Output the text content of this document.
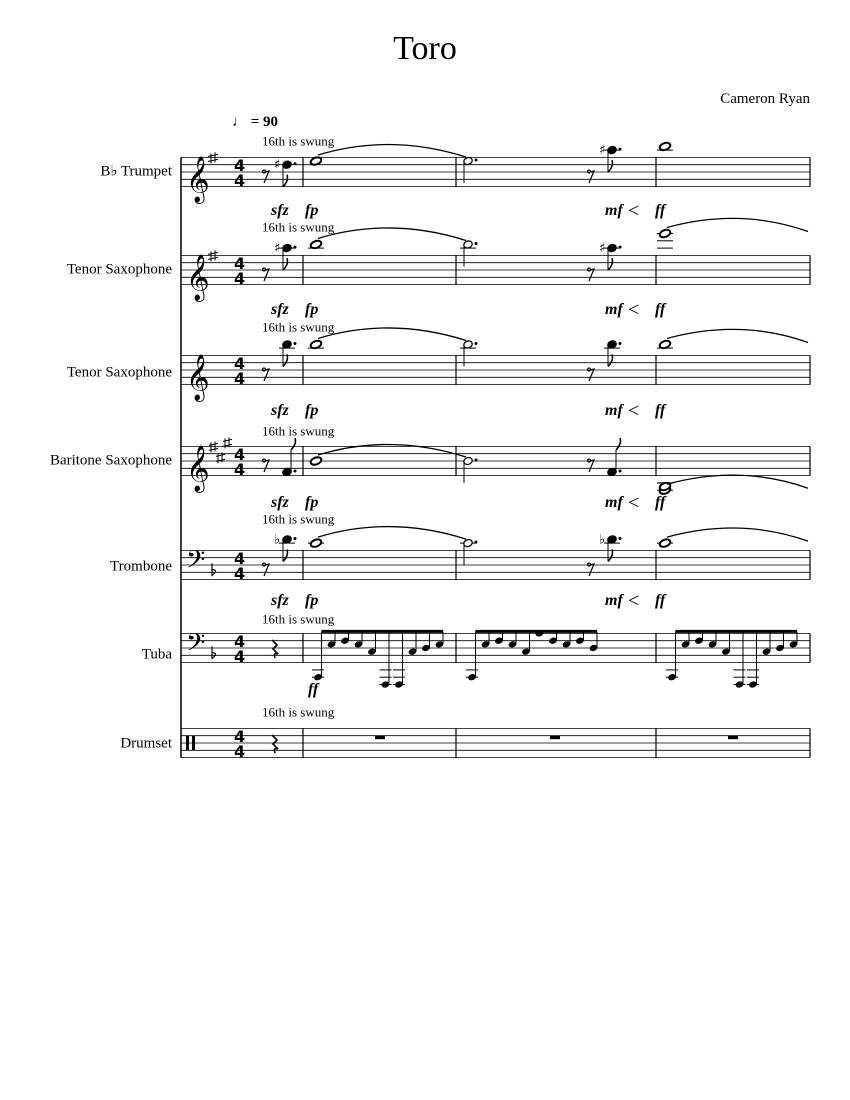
Toro
Cameron Ryan
♩ = 90
𝄞 4
4
♯
♯
𝄞 4
4
♯	♯
𝄞 4
4
𝄞 4
4
𝄢 4
4
♭	♭
𝄢 4
4
4
4
B♭ Trumpet
16th is swung
sfz fp	mf < ff
Tenor Saxophone
16th is swung
sfz fp	mf < ff
Tenor Saxophone
16th is swung
sfz fp	mf < ff
Baritone Saxophone
16th is swung
sfz fp	mf < ff
Trombone
16th is swung
sfz fp	mf < ff
Tuba
16th is swung
ff
Drumset
16th is swung
